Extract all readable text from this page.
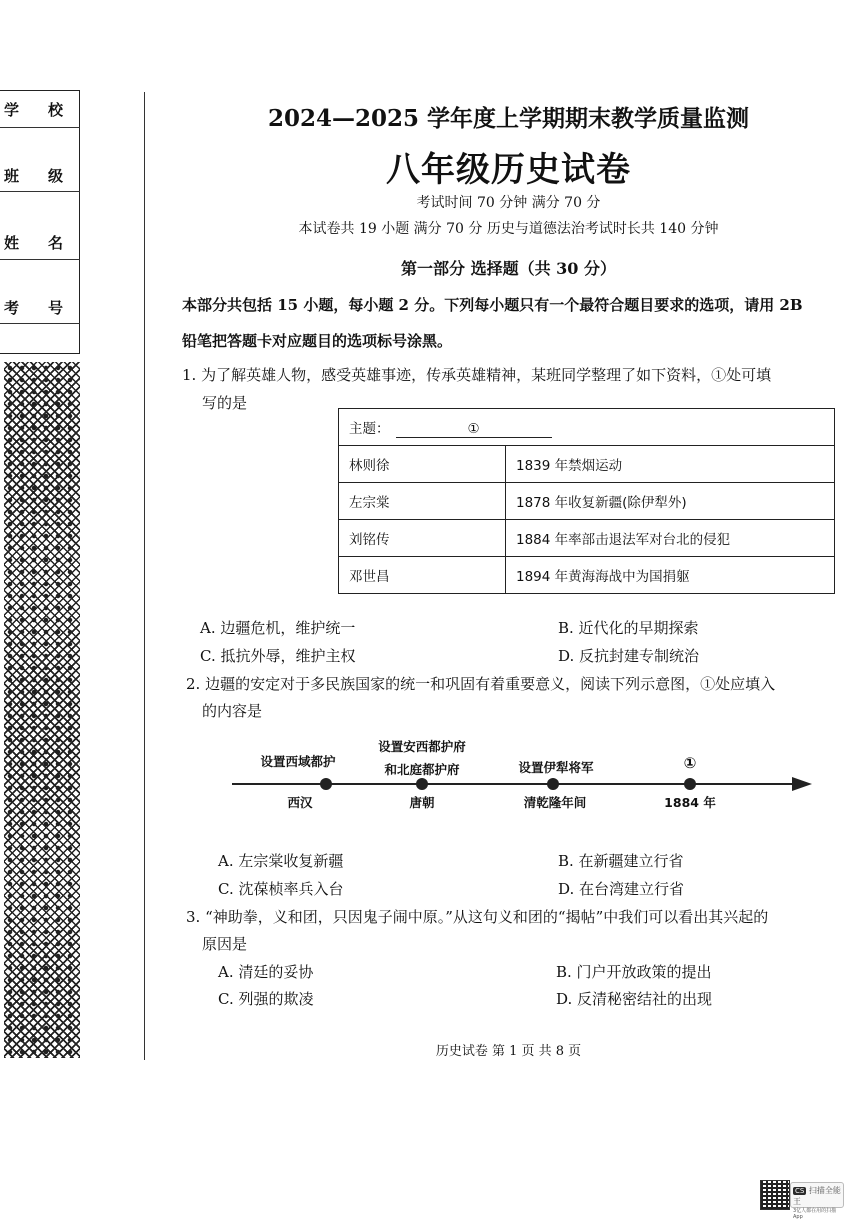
学 校
班 级
姓 名
考 号
2024—2025 学年度上学期期末教学质量监测
八年级历史试卷
考试时间 70 分钟 满分 70 分
本试卷共 19 小题 满分 70 分 历史与道德法治考试时长共 140 分钟
第一部分 选择题（共 30 分）
本部分共包括 15 小题，每小题 2 分。下列每小题只有一个最符合题目要求的选项，请用 2B
铅笔把答题卡对应题目的选项标号涂黑。
1. 为了解英雄人物，感受英雄事迹，传承英雄精神，某班同学整理了如下资料，①处可填
写的是
主题： ①	
林则徐	1839 年禁烟运动
左宗棠	1878 年收复新疆(除伊犁外)
刘铭传	1884 年率部击退法军对台北的侵犯
邓世昌	1894 年黄海海战中为国捐躯
A. 边疆危机，维护统一	B. 近代化的早期探索
C. 抵抗外辱，维护主权	D. 反抗封建专制统治
2. 边疆的安定对于多民族国家的统一和巩固有着重要意义，阅读下列示意图，①处应填入
的内容是
设置西域都护
设置安西都护府
和北庭都护府	设置伊犁将军	①
西汉	唐朝	清乾隆年间	1884 年
A. 左宗棠收复新疆	B. 在新疆建立行省
C. 沈葆桢率兵入台	D. 在台湾建立行省
3. “神助拳，义和团，只因鬼子闹中原。”从这句义和团的“揭帖”中我们可以看出其兴起的
原因是
A. 清廷的妥协	B. 门户开放政策的提出
C. 列强的欺凌	D. 反清秘密结社的出现
历史试卷 第 1 页 共 8 页
CS 扫描全能王
3亿人都在用的扫描App
